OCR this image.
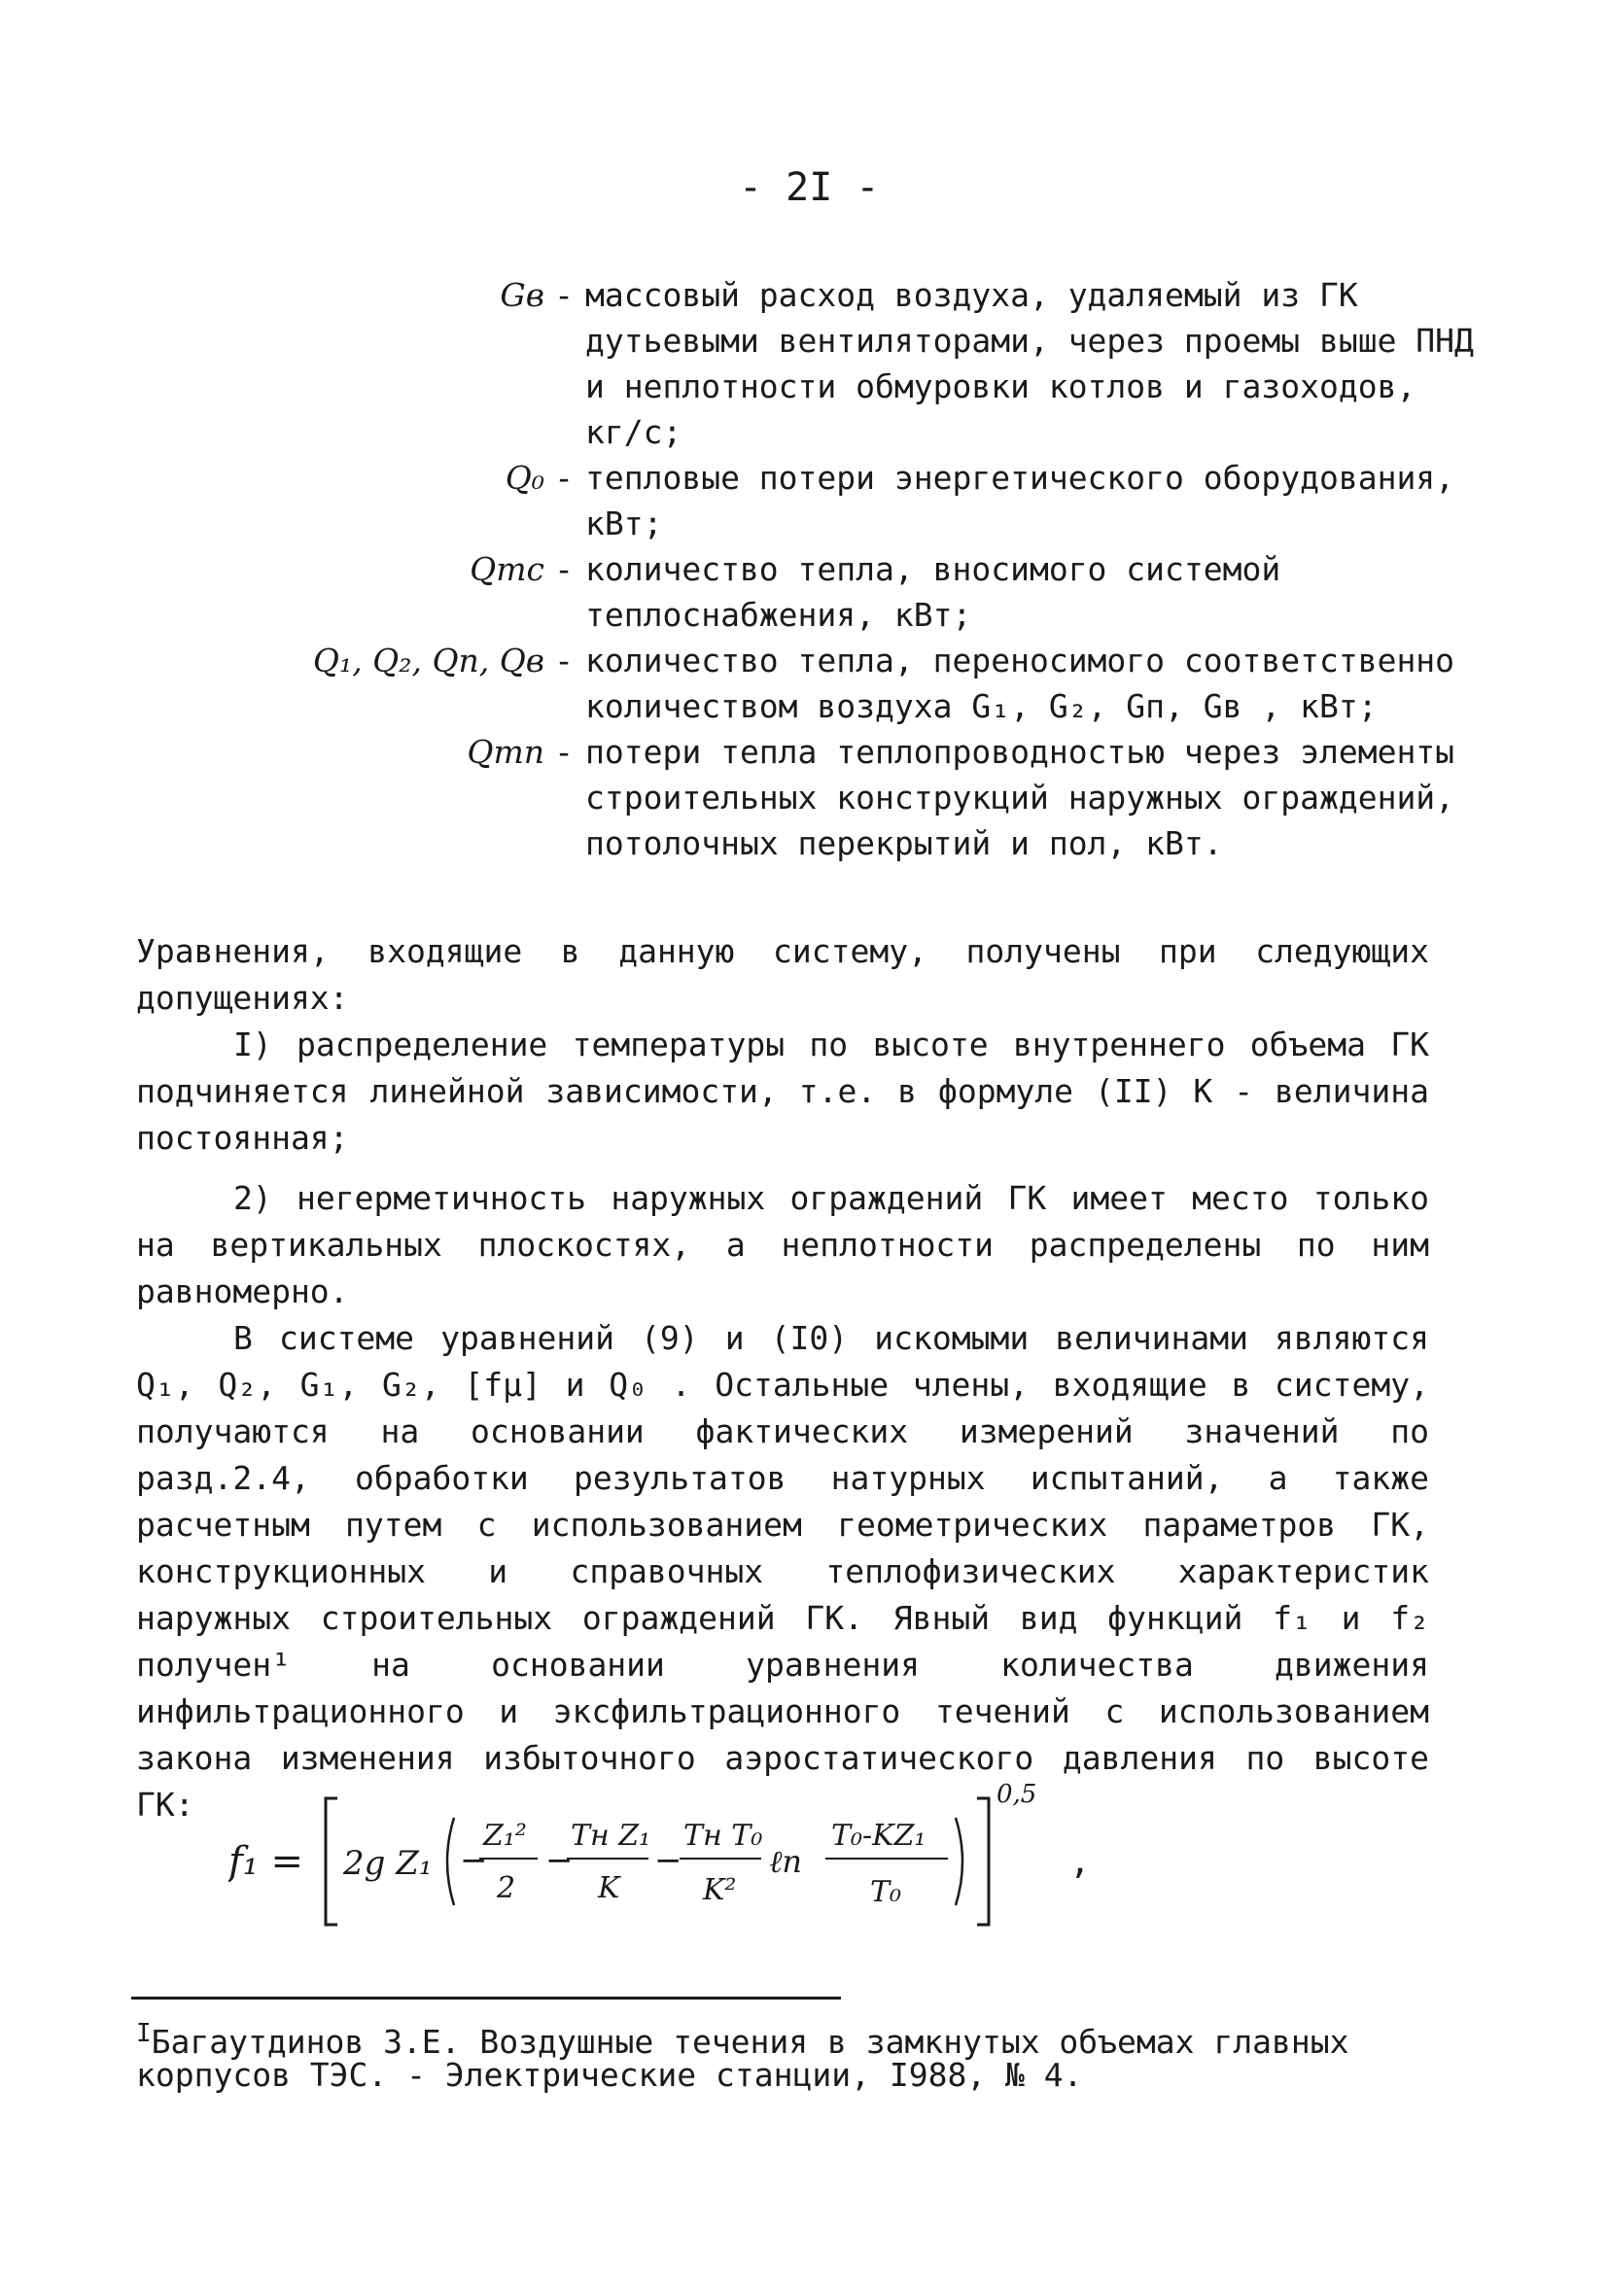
- 2I -
Gв - массовый расход воздуха, удаляемый из ГК дутьевыми вентиляторами, через проемы выше ПНД и неплотности обмуровки котлов и газоходов, кг/с;
Q₀ - тепловые потери энергетического оборудования, кВт;
Qтс - количество тепла, вносимого системой теплоснабжения, кВт;
Q₁, Q₂, Qп, Qв - количество тепла, переносимого соответственно количеством воздуха G₁, G₂, Gп, Gв , кВт;
Qтп - потери тепла теплопроводностью через элементы строительных конструкций наружных ограждений, потолочных перекрытий и пол, кВт.

Уравнения, входящие в данную систему, получены при следующих допущениях:

I) распределение температуры по высоте внутреннего объема ГК подчиняется линейной зависимости, т.е. в формуле (II) К - величина постоянная;

2) негерметичность наружных ограждений ГК имеет место только на вертикальных плоскостях, а неплотности распределены по ним равномерно.

В системе уравнений (9) и (I0) искомыми величинами являются Q₁, Q₂, G₁, G₂, [fμ] и Q₀ . Остальные члены, входящие в систему, получаются на основании фактических измерений значений по разд.2.4, обработки результатов натурных испытаний, а также расчетным путем с использованием геометрических параметров ГК, конструкционных и справочных теплофизических характеристик наружных строительных ограждений ГК. Явный вид функций f₁ и f₂ получен¹ на основании уравнения количества движения инфильтрационного и эксфильтрационного течений с использованием закона изменения избыточного аэростатического давления по высоте ГК:

f₁ = 2g Z₁ −
Z₁²
2
−
Tн Z₁
K
−
Tн T₀
K²
ℓn
T₀-KZ₁
T₀
0,5
,
$^I$Багаутдинов З.Е. Воздушные течения в замкнутых объемах главных корпусов ТЭС. - Электрические станции, I988, № 4.
